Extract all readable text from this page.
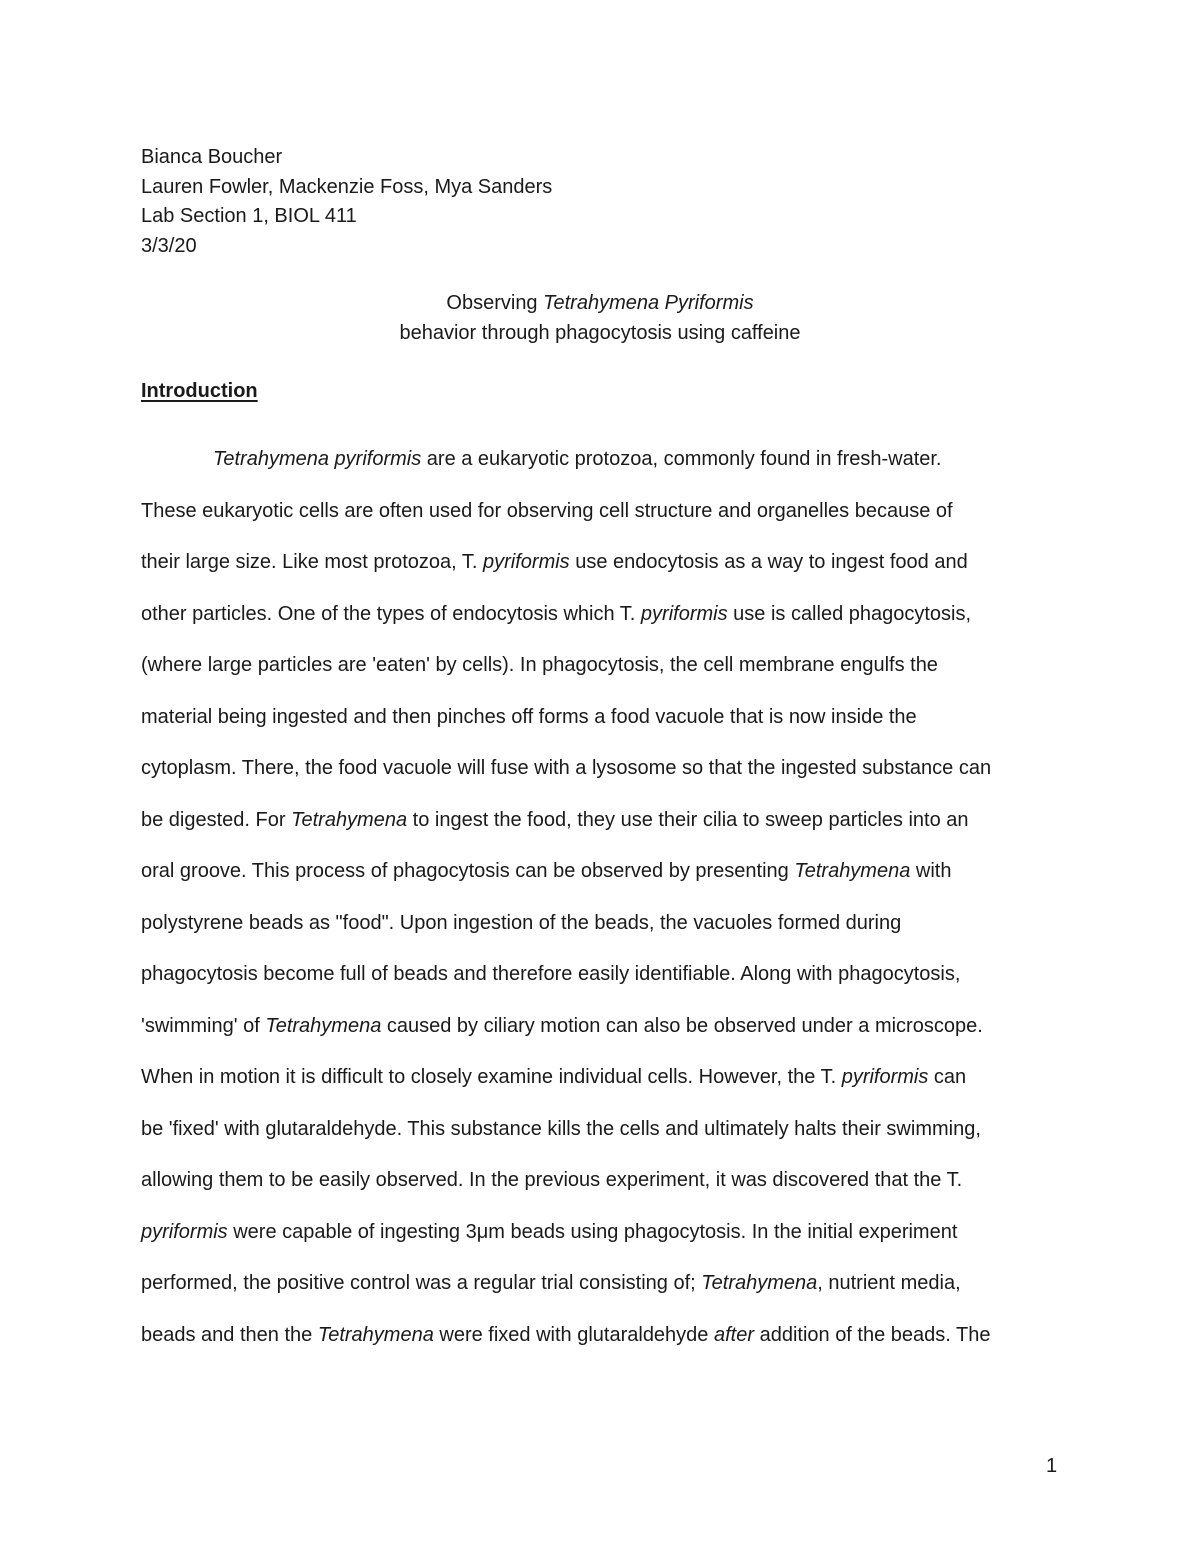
Bianca Boucher
Lauren Fowler, Mackenzie Foss, Mya Sanders
Lab Section 1, BIOL 411
3/3/20
Observing Tetrahymena Pyriformis
behavior through phagocytosis using caffeine
Introduction
Tetrahymena pyriformis are a eukaryotic protozoa, commonly found in fresh-water.
These eukaryotic cells are often used for observing cell structure and organelles because of
their large size. Like most protozoa, T. pyriformis use endocytosis as a way to ingest food and
other particles. One of the types of endocytosis which T. pyriformis use is called phagocytosis,
(where large particles are 'eaten' by cells). In phagocytosis, the cell membrane engulfs the
material being ingested and then pinches off forms a food vacuole that is now inside the
cytoplasm. There, the food vacuole will fuse with a lysosome so that the ingested substance can
be digested. For Tetrahymena to ingest the food, they use their cilia to sweep particles into an
oral groove. This process of phagocytosis can be observed by presenting Tetrahymena with
polystyrene beads as "food". Upon ingestion of the beads, the vacuoles formed during
phagocytosis become full of beads and therefore easily identifiable. Along with phagocytosis,
'swimming' of Tetrahymena caused by ciliary motion can also be observed under a microscope.
When in motion it is difficult to closely examine individual cells. However, the T. pyriformis can
be 'fixed' with glutaraldehyde. This substance kills the cells and ultimately halts their swimming,
allowing them to be easily observed. In the previous experiment, it was discovered that the T.
pyriformis were capable of ingesting 3μm beads using phagocytosis. In the initial experiment
performed, the positive control was a regular trial consisting of; Tetrahymena, nutrient media,
beads and then the Tetrahymena were fixed with glutaraldehyde after addition of the beads. The
1
